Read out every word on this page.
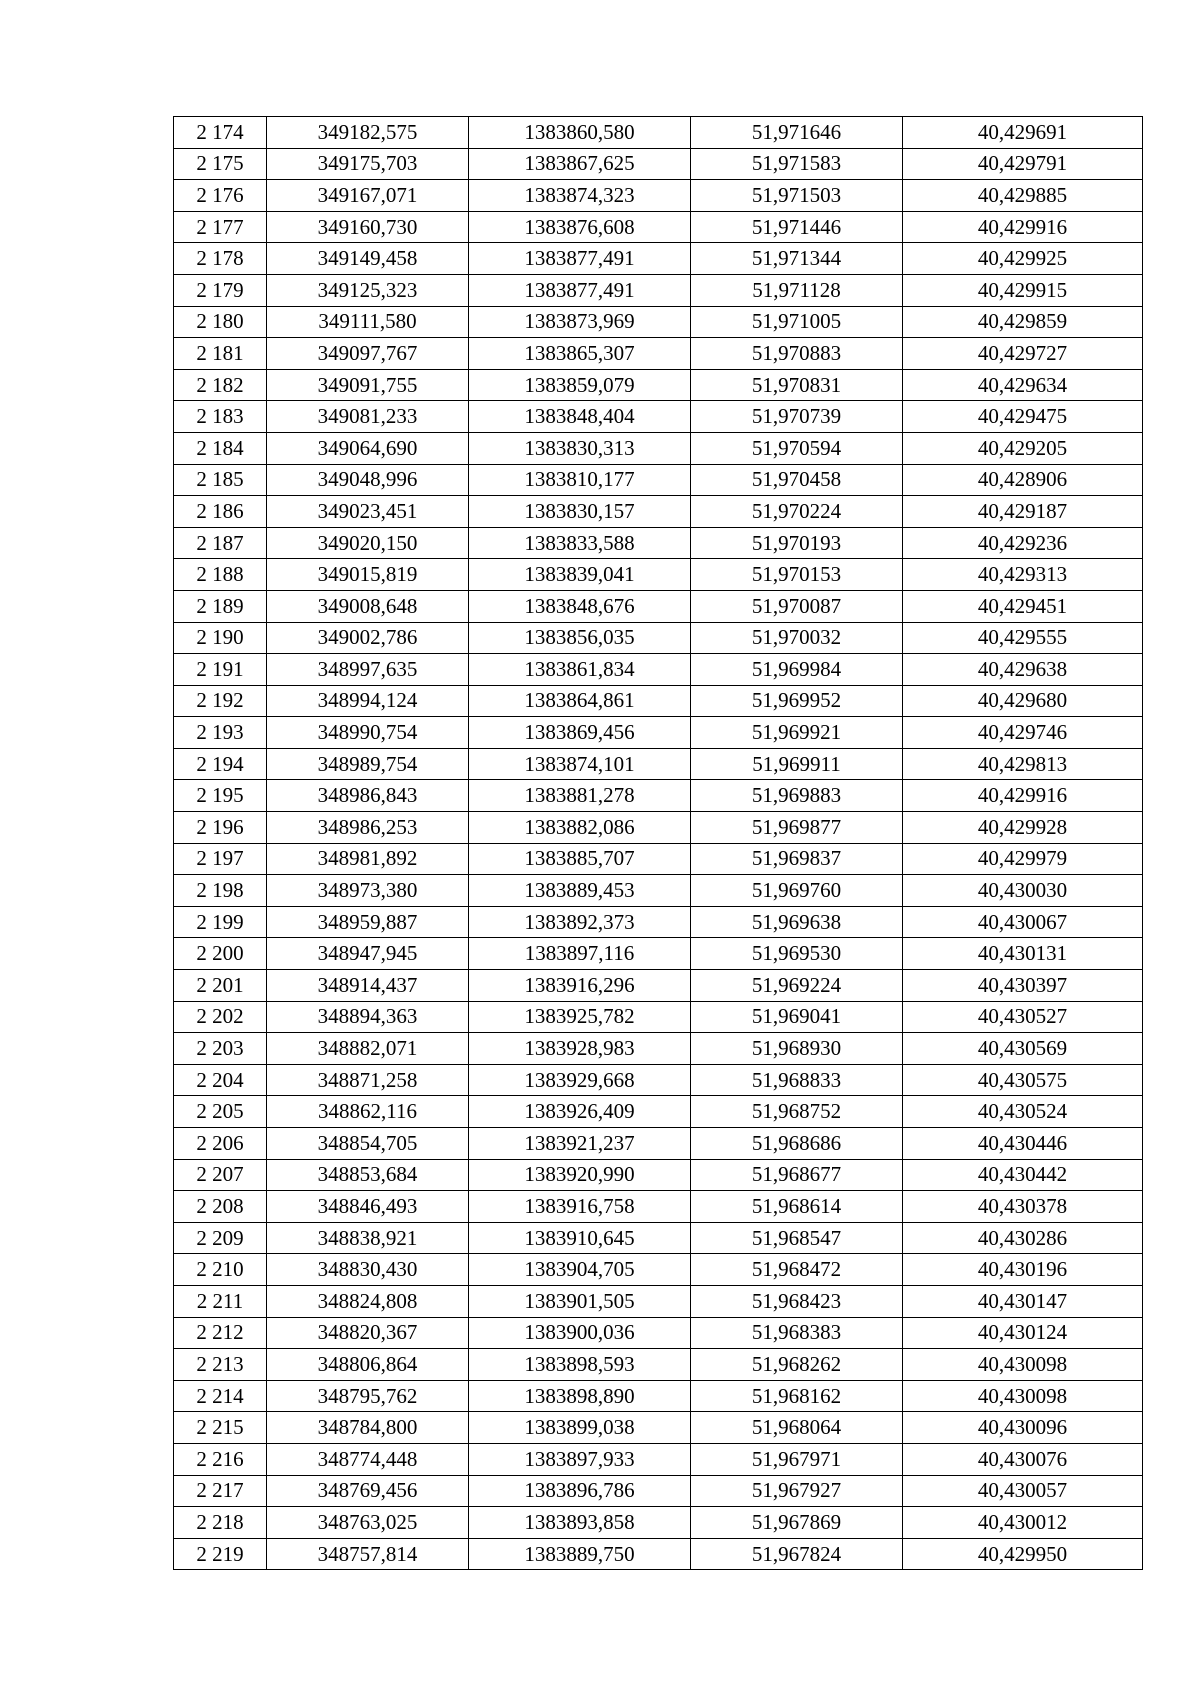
2 174	349182,575	1383860,580	51,971646	40,429691
2 175	349175,703	1383867,625	51,971583	40,429791
2 176	349167,071	1383874,323	51,971503	40,429885
2 177	349160,730	1383876,608	51,971446	40,429916
2 178	349149,458	1383877,491	51,971344	40,429925
2 179	349125,323	1383877,491	51,971128	40,429915
2 180	349111,580	1383873,969	51,971005	40,429859
2 181	349097,767	1383865,307	51,970883	40,429727
2 182	349091,755	1383859,079	51,970831	40,429634
2 183	349081,233	1383848,404	51,970739	40,429475
2 184	349064,690	1383830,313	51,970594	40,429205
2 185	349048,996	1383810,177	51,970458	40,428906
2 186	349023,451	1383830,157	51,970224	40,429187
2 187	349020,150	1383833,588	51,970193	40,429236
2 188	349015,819	1383839,041	51,970153	40,429313
2 189	349008,648	1383848,676	51,970087	40,429451
2 190	349002,786	1383856,035	51,970032	40,429555
2 191	348997,635	1383861,834	51,969984	40,429638
2 192	348994,124	1383864,861	51,969952	40,429680
2 193	348990,754	1383869,456	51,969921	40,429746
2 194	348989,754	1383874,101	51,969911	40,429813
2 195	348986,843	1383881,278	51,969883	40,429916
2 196	348986,253	1383882,086	51,969877	40,429928
2 197	348981,892	1383885,707	51,969837	40,429979
2 198	348973,380	1383889,453	51,969760	40,430030
2 199	348959,887	1383892,373	51,969638	40,430067
2 200	348947,945	1383897,116	51,969530	40,430131
2 201	348914,437	1383916,296	51,969224	40,430397
2 202	348894,363	1383925,782	51,969041	40,430527
2 203	348882,071	1383928,983	51,968930	40,430569
2 204	348871,258	1383929,668	51,968833	40,430575
2 205	348862,116	1383926,409	51,968752	40,430524
2 206	348854,705	1383921,237	51,968686	40,430446
2 207	348853,684	1383920,990	51,968677	40,430442
2 208	348846,493	1383916,758	51,968614	40,430378
2 209	348838,921	1383910,645	51,968547	40,430286
2 210	348830,430	1383904,705	51,968472	40,430196
2 211	348824,808	1383901,505	51,968423	40,430147
2 212	348820,367	1383900,036	51,968383	40,430124
2 213	348806,864	1383898,593	51,968262	40,430098
2 214	348795,762	1383898,890	51,968162	40,430098
2 215	348784,800	1383899,038	51,968064	40,430096
2 216	348774,448	1383897,933	51,967971	40,430076
2 217	348769,456	1383896,786	51,967927	40,430057
2 218	348763,025	1383893,858	51,967869	40,430012
2 219	348757,814	1383889,750	51,967824	40,429950
